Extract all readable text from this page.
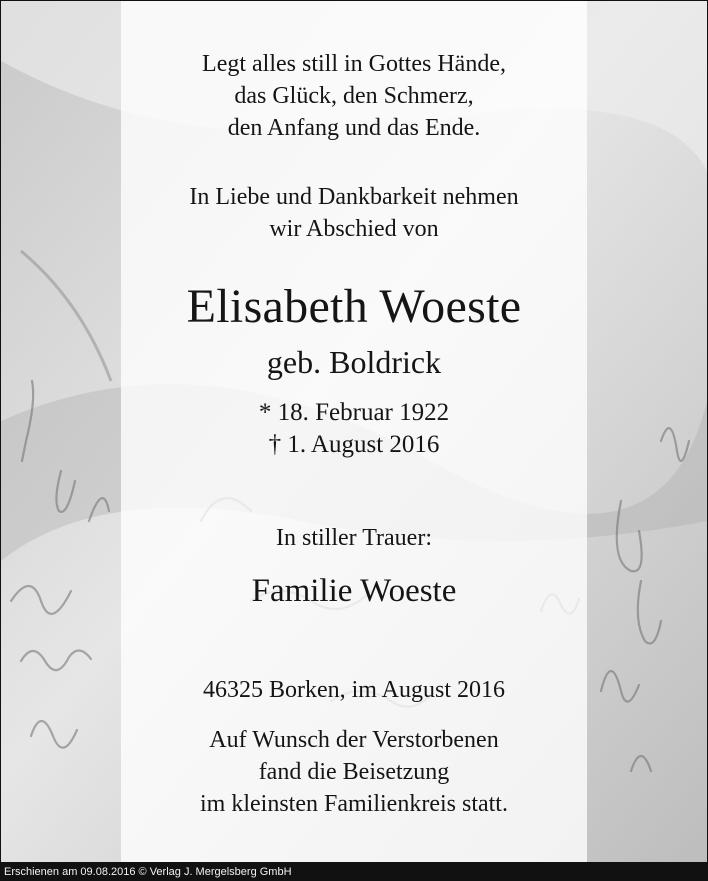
Legt alles still in Gottes Hände,
das Glück, den Schmerz,
den Anfang und das Ende.
In Liebe und Dankbarkeit nehmen
wir Abschied von
Elisabeth Woeste
geb. Boldrick
* 18. Februar 1922
† 1. August 2016
In stiller Trauer:
Familie Woeste
46325 Borken, im August 2016
Auf Wunsch der Verstorbenen
fand die Beisetzung
im kleinsten Familienkreis statt.
Erschienen am 09.08.2016 © Verlag J. Mergelsberg GmbH
